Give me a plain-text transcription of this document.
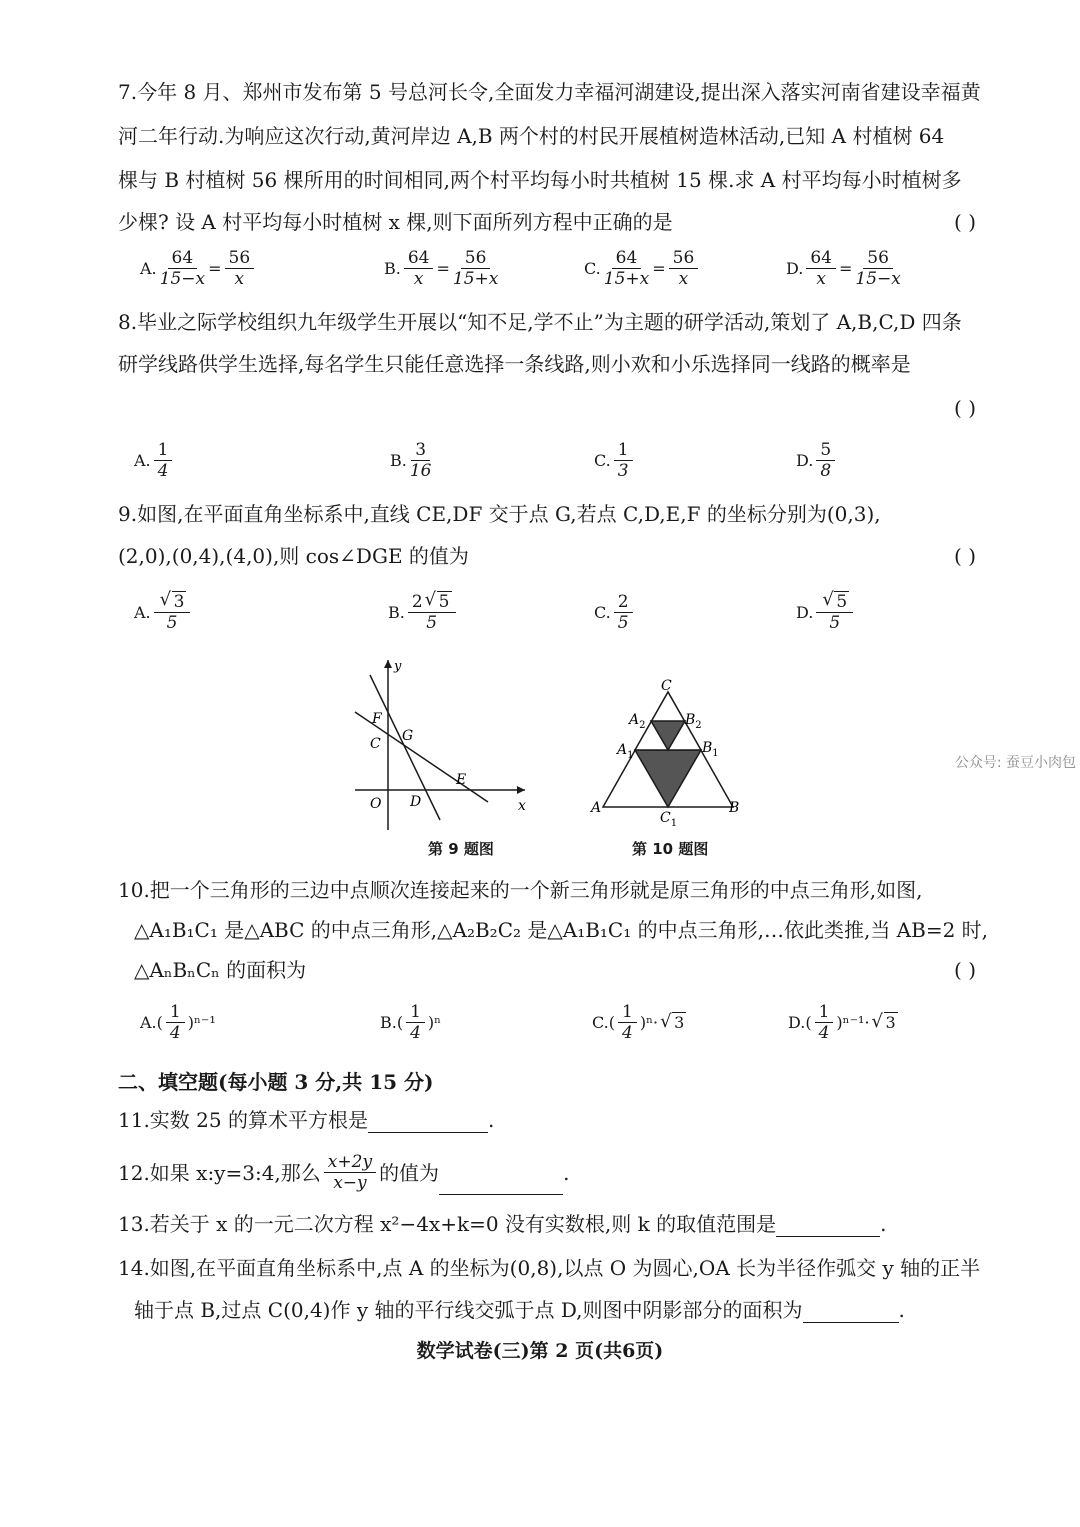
7.今年 8 月、郑州市发布第 5 号总河长令,全面发力幸福河湖建设,提出深入落实河南省建设幸福黄
河二年行动.为响应这次行动,黄河岸边 A,B 两个村的村民开展植树造林活动,已知 A 村植树 64
棵与 B 村植树 56 棵所用的时间相同,两个村平均每小时共植树 15 棵.求 A 村平均每小时植树多
少棵? 设 A 村平均每小时植树 x 棵,则下面所列方程中正确的是	( )
A. $\frac{64}{15-x} = \frac{56}{x}$	B. $\frac{64}{x} = \frac{56}{15+x}$	C. $\frac{64}{15+x} = \frac{56}{x}$	D. $\frac{64}{x} = \frac{56}{15-x}$
8.毕业之际学校组织九年级学生开展以“知不足,学不止”为主题的研学活动,策划了 A,B,C,D 四条
研学线路供学生选择,每名学生只能任意选择一条线路,则小欢和小乐选择同一线路的概率是
( )
A. $\frac{1}{4}$	B. $\frac{3}{16}$	C. $\frac{1}{3}$	D. $\frac{5}{8}$
9.如图,在平面直角坐标系中,直线 CE,DF 交于点 G,若点 C,D,E,F 的坐标分别为(0,3),
(2,0),(0,4),(4,0),则 cos∠DGE 的值为	( )
A. √ $\frac{3}{5}$	B. $\frac{2 √ 5}{5}$	C. $\frac{2}{5}$	D. √ $\frac{5}{5}$
y
x
O
F
C G
E
D
第 9 题图
C
$A_2$	$B_2$
$A_1$	$B_1$
A	B
$C_1$
第 10 题图
公众号: 蚕豆小肉包
10.把一个三角形的三边中点顺次连接起来的一个新三角形就是原三角形的中点三角形,如图,
△A₁B₁C₁ 是△ABC 的中点三角形,△A₂B₂C₂ 是△A₁B₁C₁ 的中点三角形,…依此类推,当 AB=2 时,
△AₙBₙCₙ 的面积为	( )
$A.( \frac{1}{4} )^{n-1}$	$B.( \frac{1}{4} )^n$	$C.( \frac{1}{4} )^n\cdot$	√ 3	$D.( \frac{1}{4} )^{n-1}\cdot$	√ 3
二、填空题(每小题 3 分,共 15 分)
11.实数 25 的算术平方根是	.
12.如果 x:y=3:4,那么 $\frac{x+2y}{x-y}$ 的值为
	.
13.若关于 x 的一元二次方程 x²−4x+k=0 没有实数根,则 k 的取值范围是	.
14.如图,在平面直角坐标系中,点 A 的坐标为(0,8),以点 O 为圆心,OA 长为半径作弧交 y 轴的正半
轴于点 B,过点 C(0,4)作 y 轴的平行线交弧于点 D,则图中阴影部分的面积为	.
数学试卷(三)第 2 页(共6页)
